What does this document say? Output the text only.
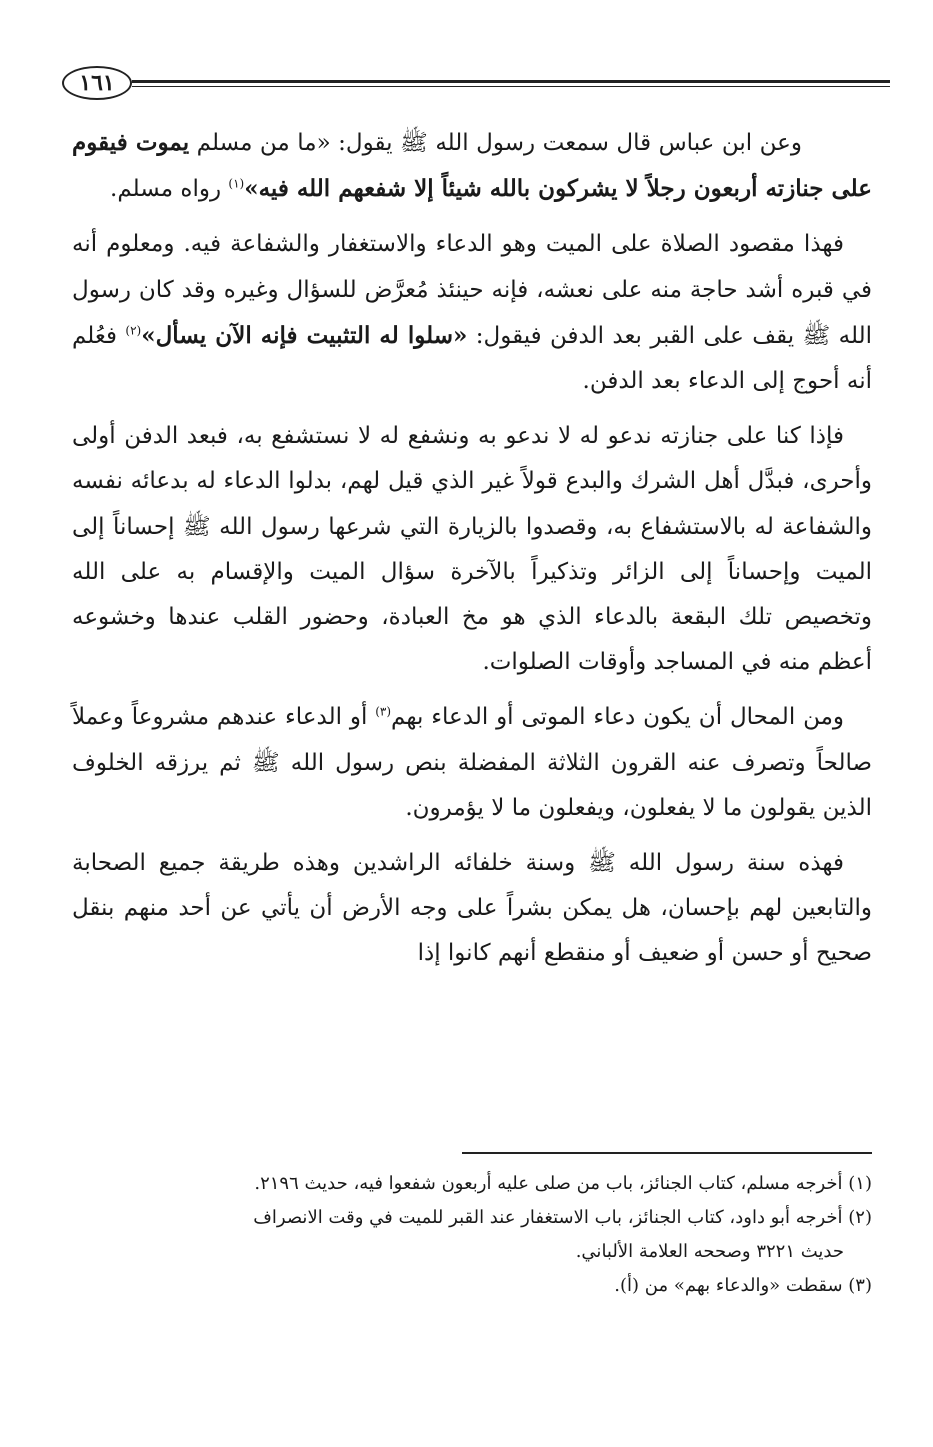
١٦١

وعن ابن عباس قال سمعت رسول الله ﷺ يقول: «ما من مسلم يموت فيقوم على جنازته أربعون رجلاً لا يشركون بالله شيئاً إلا شفعهم الله فيه»$^{(١)}$ رواه مسلم.

فهذا مقصود الصلاة على الميت وهو الدعاء والاستغفار والشفاعة فيه. ومعلوم أنه في قبره أشد حاجة منه على نعشه، فإنه حينئذ مُعرَّض للسؤال وغيره وقد كان رسول الله ﷺ يقف على القبر بعد الدفن فيقول: «سلوا له التثبيت فإنه الآن يسأل»$^{(٢)}$ فعُلم أنه أحوج إلى الدعاء بعد الدفن.

فإذا كنا على جنازته ندعو له لا ندعو به ونشفع له لا نستشفع به، فبعد الدفن أولى وأحرى، فبدَّل أهل الشرك والبدع قولاً غير الذي قيل لهم، بدلوا الدعاء له بدعائه نفسه والشفاعة له بالاستشفاع به، وقصدوا بالزيارة التي شرعها رسول الله ﷺ إحساناً إلى الميت وإحساناً إلى الزائر وتذكيراً بالآخرة سؤال الميت والإقسام به على الله وتخصيص تلك البقعة بالدعاء الذي هو مخ العبادة، وحضور القلب عندها وخشوعه أعظم منه في المساجد وأوقات الصلوات.

ومن المحال أن يكون دعاء الموتى أو الدعاء بهم$^{(٣)}$ أو الدعاء عندهم مشروعاً وعملاً صالحاً وتصرف عنه القرون الثلاثة المفضلة بنص رسول الله ﷺ ثم يرزقه الخلوف الذين يقولون ما لا يفعلون، ويفعلون ما لا يؤمرون.

فهذه سنة رسول الله ﷺ وسنة خلفائه الراشدين وهذه طريقة جميع الصحابة والتابعين لهم بإحسان، هل يمكن بشراً على وجه الأرض أن يأتي عن أحد منهم بنقل صحيح أو حسن أو ضعيف أو منقطع أنهم كانوا إذا

(١) أخرجه مسلم، كتاب الجنائز، باب من صلى عليه أربعون شفعوا فيه، حديث ٢١٩٦.

(٢) أخرجه أبو داود، كتاب الجنائز، باب الاستغفار عند القبر للميت في وقت الانصراف

حديث ٣٢٢١ وصححه العلامة الألباني.

(٣) سقطت «والدعاء بهم» من (أ).
